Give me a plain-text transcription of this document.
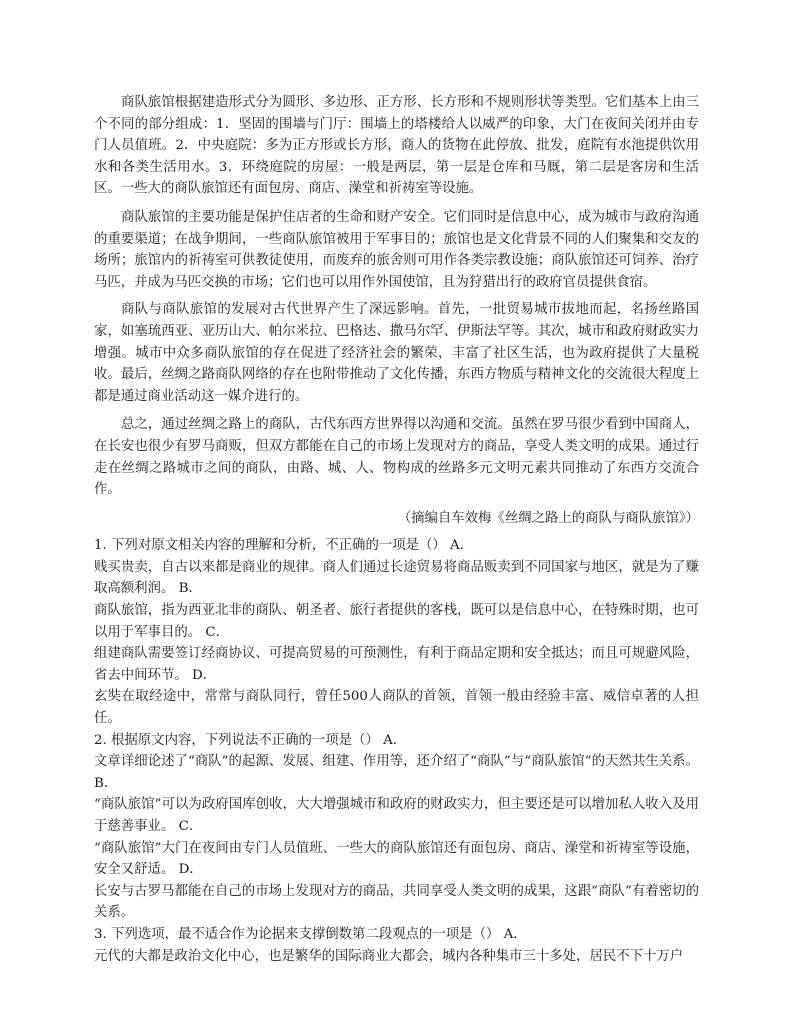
商队旅馆根据建造形式分为圆形、多边形、正方形、长方形和不规则形状等类型。它们基本上由三个不同的部分组成：1．坚固的围墙与门厅：围墙上的塔楼给人以威严的印象，大门在夜间关闭并由专门人员值班。2．中央庭院：多为正方形或长方形，商人的货物在此停放、批发，庭院有水池提供饮用水和各类生活用水。3．环绕庭院的房屋：一般是两层，第一层是仓库和马厩，第二层是客房和生活区。一些大的商队旅馆还有面包房、商店、澡堂和祈祷室等设施。

商队旅馆的主要功能是保护住店者的生命和财产安全。它们同时是信息中心，成为城市与政府沟通的重要渠道；在战争期间，一些商队旅馆被用于军事目的；旅馆也是文化背景不同的人们聚集和交友的场所；旅馆内的祈祷室可供教徒使用，而废弃的旅舍则可用作各类宗教设施；商队旅馆还可饲养、治疗马匹，并成为马匹交换的市场；它们也可以用作外国使馆，且为狩猎出行的政府官员提供食宿。

商队与商队旅馆的发展对古代世界产生了深远影响。首先，一批贸易城市拔地而起，名扬丝路国家，如塞琉西亚、亚历山大、帕尔米拉、巴格达、撒马尔罕、伊斯法罕等。其次，城市和政府财政实力增强。城市中众多商队旅馆的存在促进了经济社会的繁荣，丰富了社区生活，也为政府提供了大量税收。最后，丝绸之路商队网络的存在也附带推动了文化传播，东西方物质与精神文化的交流很大程度上都是通过商业活动这一媒介进行的。

总之，通过丝绸之路上的商队，古代东西方世界得以沟通和交流。虽然在罗马很少看到中国商人，在长安也很少有罗马商贩，但双方都能在自己的市场上发现对方的商品，享受人类文明的成果。通过行走在丝绸之路城市之间的商队，由路、城、人、物构成的丝路多元文明元素共同推动了东西方交流合作。

（摘编自车效梅《丝绸之路上的商队与商队旅馆》）

1. 下列对原文相关内容的理解和分析，不正确的一项是（） A．

贱买贵卖，自古以来都是商业的规律。商人们通过长途贸易将商品贩卖到不同国家与地区，就是为了赚取高额利润。 B．

商队旅馆，指为西亚北非的商队、朝圣者、旅行者提供的客栈，既可以是信息中心，在特殊时期，也可以用于军事目的。 C．

组建商队需要签订经商协议、可提高贸易的可预测性，有利于商品定期和安全抵达；而且可规避风险，省去中间环节。 D．

玄奘在取经途中，常常与商队同行，曾任500人商队的首领，首领一般由经验丰富、威信卓著的人担任。

2. 根据原文内容，下列说法不正确的一项是（） A．

文章详细论述了“商队”的起源、发展、组建、作用等，还介绍了“商队”与“商队旅馆”的天然共生关系。 B．

“商队旅馆”可以为政府国库创收，大大增强城市和政府的财政实力，但主要还是可以增加私人收入及用于慈善事业。 C．

“商队旅馆”大门在夜间由专门人员值班、一些大的商队旅馆还有面包房、商店、澡堂和祈祷室等设施，安全又舒适。 D．

长安与古罗马都能在自己的市场上发现对方的商品，共同享受人类文明的成果，这跟“商队”有着密切的关系。

3. 下列选项，最不适合作为论据来支撑倒数第二段观点的一项是（） A．

元代的大都是政治文化中心，也是繁华的国际商业大都会，城内各种集市三十多处，居民不下十万户
